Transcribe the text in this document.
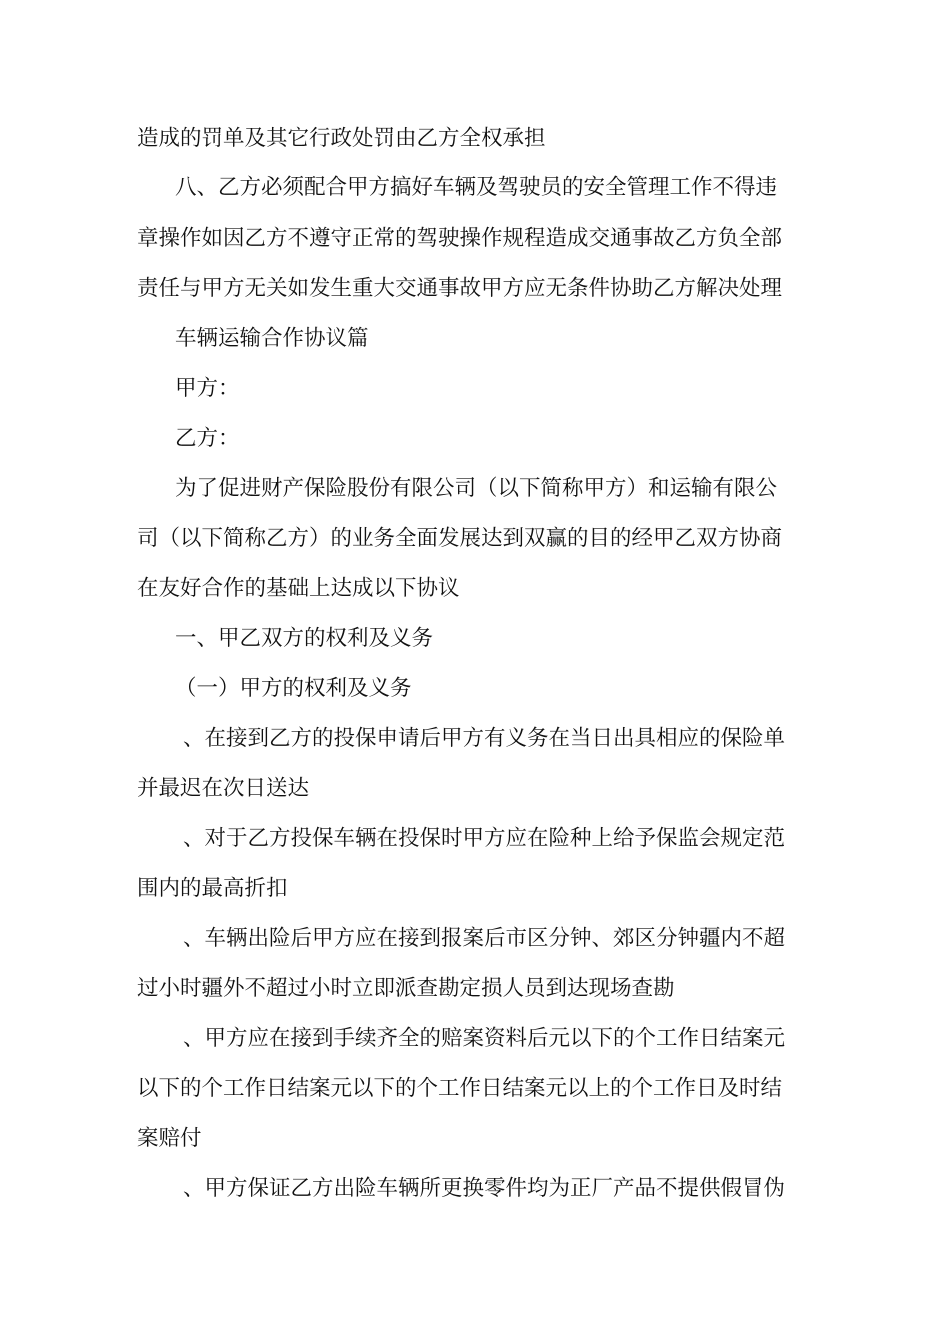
造成的罚单及其它行政处罚由乙方全权承担
八、乙方必须配合甲方搞好车辆及驾驶员的安全管理工作不得违
章操作如因乙方不遵守正常的驾驶操作规程造成交通事故乙方负全部
责任与甲方无关如发生重大交通事故甲方应无条件协助乙方解决处理
车辆运输合作协议篇
甲方：
乙方：
为了促进财产保险股份有限公司（以下简称甲方）和运输有限公
司（以下简称乙方）的业务全面发展达到双赢的目的经甲乙双方协商
在友好合作的基础上达成以下协议
一、甲乙双方的权利及义务
（一）甲方的权利及义务
、在接到乙方的投保申请后甲方有义务在当日出具相应的保险单
并最迟在次日送达
、对于乙方投保车辆在投保时甲方应在险种上给予保监会规定范
围内的最高折扣
、车辆出险后甲方应在接到报案后市区分钟、郊区分钟疆内不超
过小时疆外不超过小时立即派查勘定损人员到达现场查勘
、甲方应在接到手续齐全的赔案资料后元以下的个工作日结案元
以下的个工作日结案元以下的个工作日结案元以上的个工作日及时结
案赔付
、甲方保证乙方出险车辆所更换零件均为正厂产品不提供假冒伪
